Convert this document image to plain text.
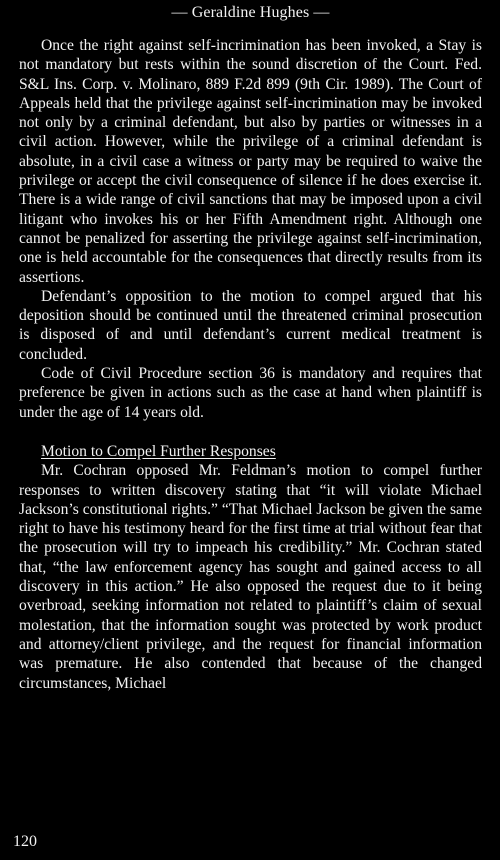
— Geraldine Hughes —

Once the right against self-incrimination has been invoked, a Stay is not mandatory but rests within the sound discretion of the Court. Fed. S&L Ins. Corp. v. Molinaro, 889 F.2d 899 (9th Cir. 1989). The Court of Appeals held that the privilege against self-incrimination may be invoked not only by a criminal defendant, but also by parties or witnesses in a civil action. However, while the privilege of a criminal defendant is absolute, in a civil case a witness or party may be required to waive the privilege or accept the civil consequence of silence if he does exercise it. There is a wide range of civil sanctions that may be imposed upon a civil litigant who invokes his or her Fifth Amendment right. Although one cannot be penalized for asserting the privilege against self-incrimination, one is held accountable for the consequences that directly results from its assertions.

Defendant’s opposition to the motion to compel argued that his deposition should be continued until the threatened criminal prosecution is disposed of and until defendant’s current medical treatment is concluded.

Code of Civil Procedure section 36 is mandatory and requires that preference be given in actions such as the case at hand when plaintiff is under the age of 14 years old.

Motion to Compel Further Responses

Mr. Cochran opposed Mr. Feldman’s motion to compel further responses to written discovery stating that “it will violate Michael Jackson’s constitutional rights.” “That Michael Jackson be given the same right to have his testimony heard for the first time at trial without fear that the prosecution will try to impeach his credibility.” Mr. Cochran stated that, “the law enforcement agency has sought and gained access to all discovery in this action.” He also opposed the request due to it being overbroad, seeking information not related to plaintiff’s claim of sexual molestation, that the information sought was protected by work product and attorney/client privilege, and the request for financial information was premature. He also contended that because of the changed circumstances, Michael

120
